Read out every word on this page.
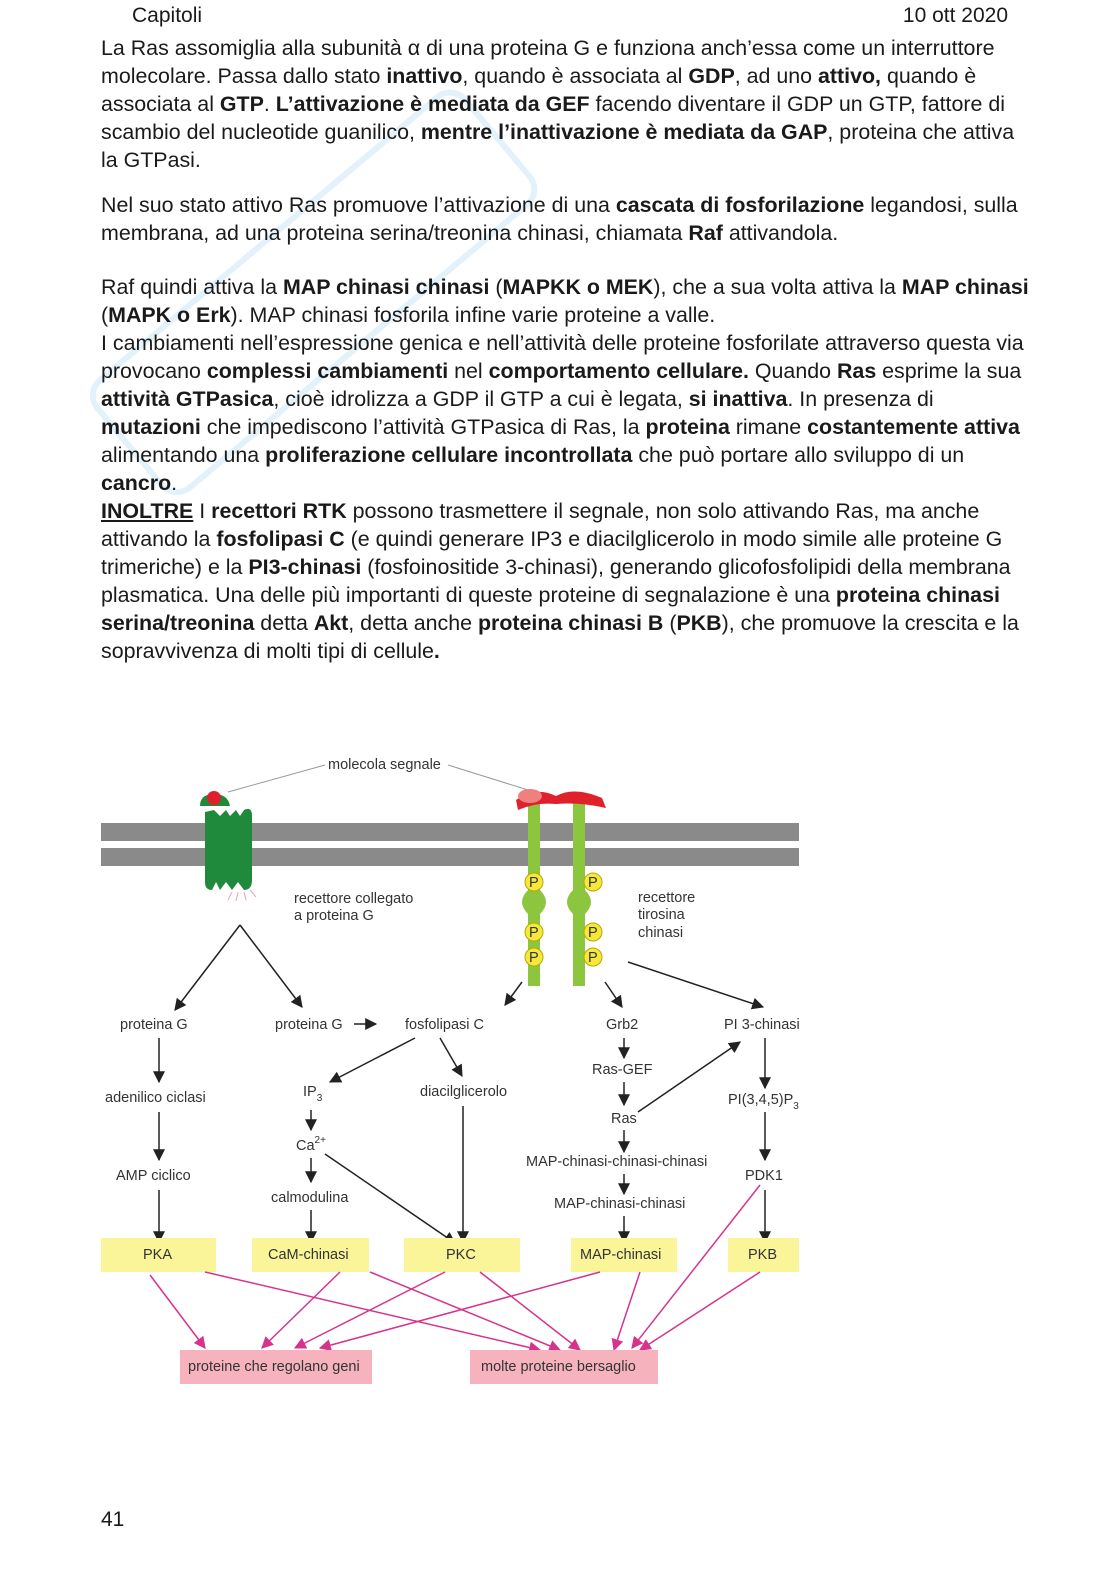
Capitoli	10 ott 2020

La Ras assomiglia alla subunità α di una proteina G e funziona anch’essa come un interruttore molecolare. Passa dallo stato inattivo, quando è associata al GDP, ad uno attivo, quando è associata al GTP. L’attivazione è mediata da GEF facendo diventare il GDP un GTP, fattore di scambio del nucleotide guanilico, mentre l’inattivazione è mediata da GAP, proteina che attiva la GTPasi.

Nel suo stato attivo Ras promuove l’attivazione di una cascata di fosforilazione legandosi, sulla membrana, ad una proteina serina/treonina chinasi, chiamata Raf attivandola.

Raf quindi attiva la MAP chinasi chinasi (MAPKK o MEK), che a sua volta attiva la MAP chinasi (MAPK o Erk). MAP chinasi fosforila infine varie proteine a valle.

I cambiamenti nell’espressione genica e nell’attività delle proteine fosforilate attraverso questa via provocano complessi cambiamenti nel comportamento cellulare. Quando Ras esprime la sua attività GTPasica, cioè idrolizza a GDP il GTP a cui è legata, si inattiva. In presenza di mutazioni che impediscono l’attività GTPasica di Ras, la proteina rimane costantemente attiva alimentando una proliferazione cellulare incontrollata che può portare allo sviluppo di un cancro.

INOLTRE I recettori RTK possono trasmettere il segnale, non solo attivando Ras, ma anche attivando la fosfolipasi C (e quindi generare IP3 e diacilglicerolo in modo simile alle proteine G trimeriche) e la PI3-chinasi (fosfoinositide 3-chinasi), generando glicofosfolipidi della membrana plasmatica. Una delle più importanti di queste proteine di segnalazione è una proteina chinasi serina/treonina detta Akt, detta anche proteina chinasi B (PKB), che promuove la crescita e la sopravvivenza di molti tipi di cellule.

molecola segnale
recettore collegato
a proteina G
recettore
tirosina
chinasi
P	P
P	P
P	P
proteina G	proteina G	fosfolipasi C	Grb2	PI 3-chinasi
adenilico ciclasi	$IP_3$	diacilglicerolo
Ras-GEF
$PI(3,4,5)P_3$
Ras
$Ca^{2+}$
AMP ciclico
MAP-chinasi-chinasi-chinasi
PDK1
calmodulina	MAP-chinasi-chinasi
PKA	CaM-chinasi	PKC	MAP-chinasi	PKB
proteine che regolano geni	molte proteine bersaglio
41
